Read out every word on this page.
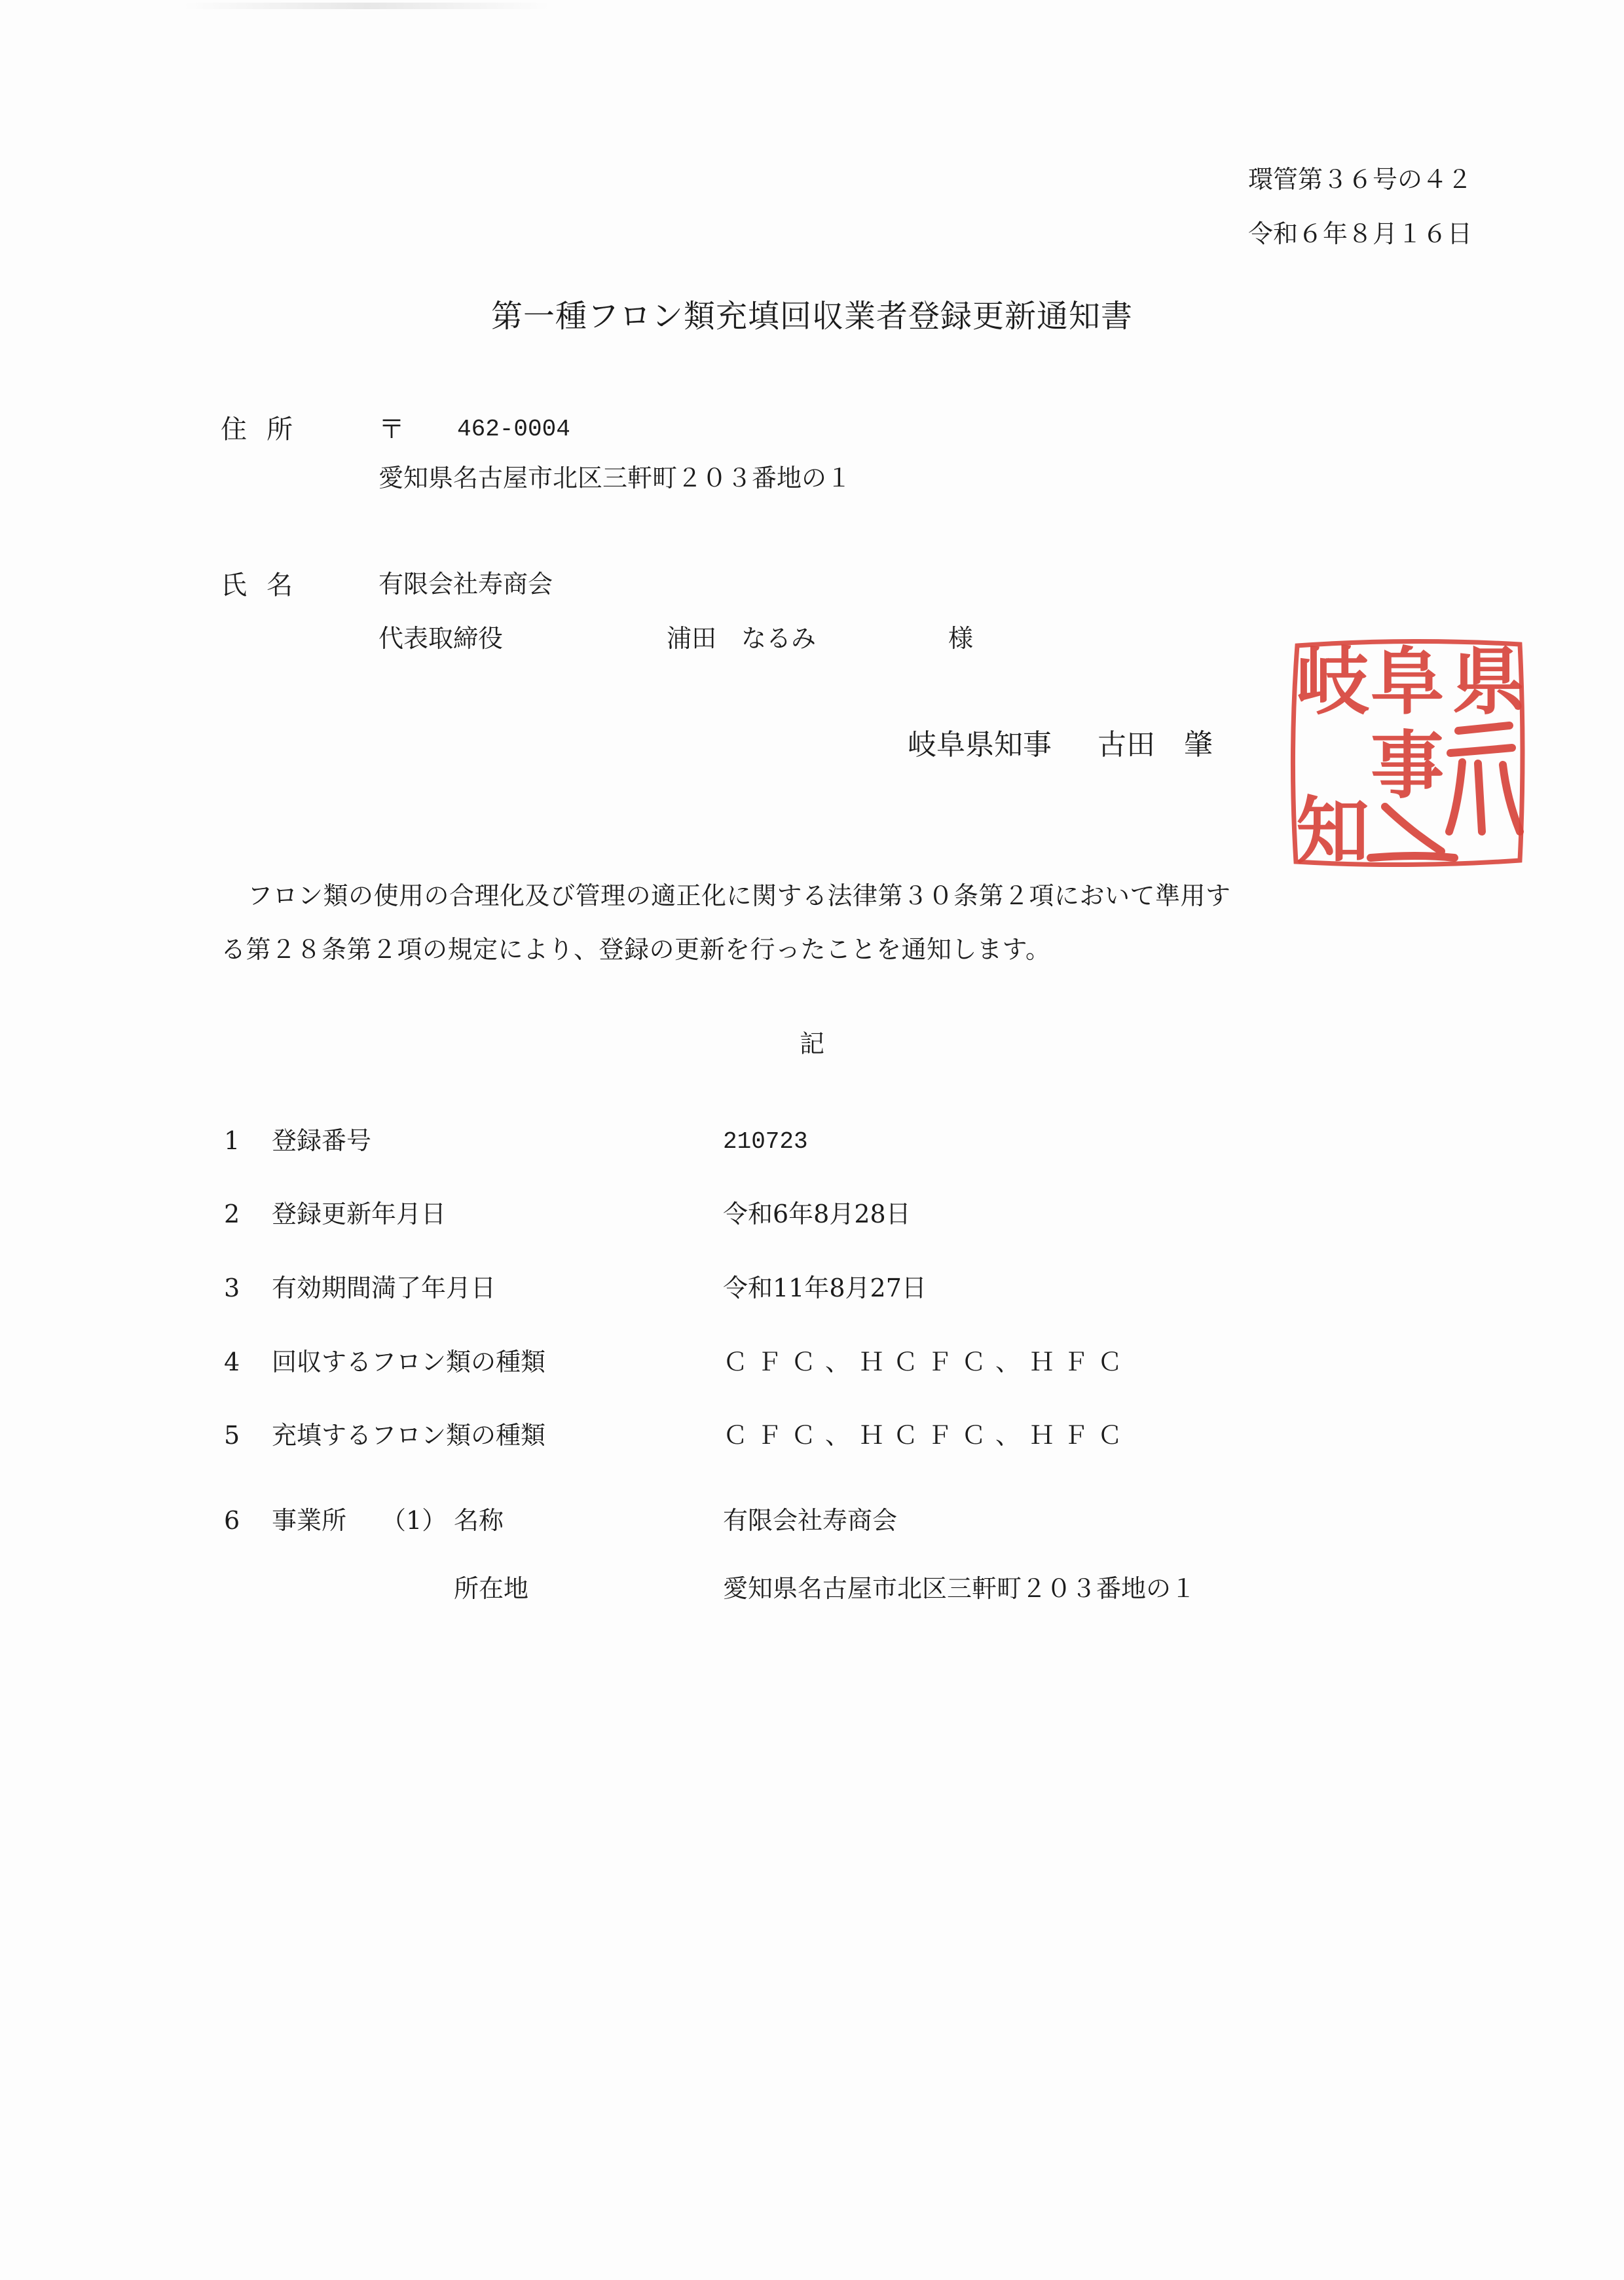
環管第３６号の４２
令和６年８月１６日
第一種フロン類充填回収業者登録更新通知書
住所	〒 462-0004
愛知県名古屋市北区三軒町２０３番地の１
氏名	有限会社寿商会
代表取締役	浦田　なるみ	様
岐阜県知事 古田　肇
県
阜
岐
事
知
フロン類の使用の合理化及び管理の適正化に関する法律第３０条第２項において準用す
る第２８条第２項の規定により、登録の更新を行ったことを通知します。
記
1 登録番号	210723
2 登録更新年月日	令和6年8月28日
3 有効期間満了年月日	令和11年8月27日
4 回収するフロン類の種類	ＣＦＣ、ＨＣＦＣ、ＨＦＣ
5 充填するフロン類の種類	ＣＦＣ、ＨＣＦＣ、ＨＦＣ
6 事業所 （1） 名称	有限会社寿商会
所在地	愛知県名古屋市北区三軒町２０３番地の１
